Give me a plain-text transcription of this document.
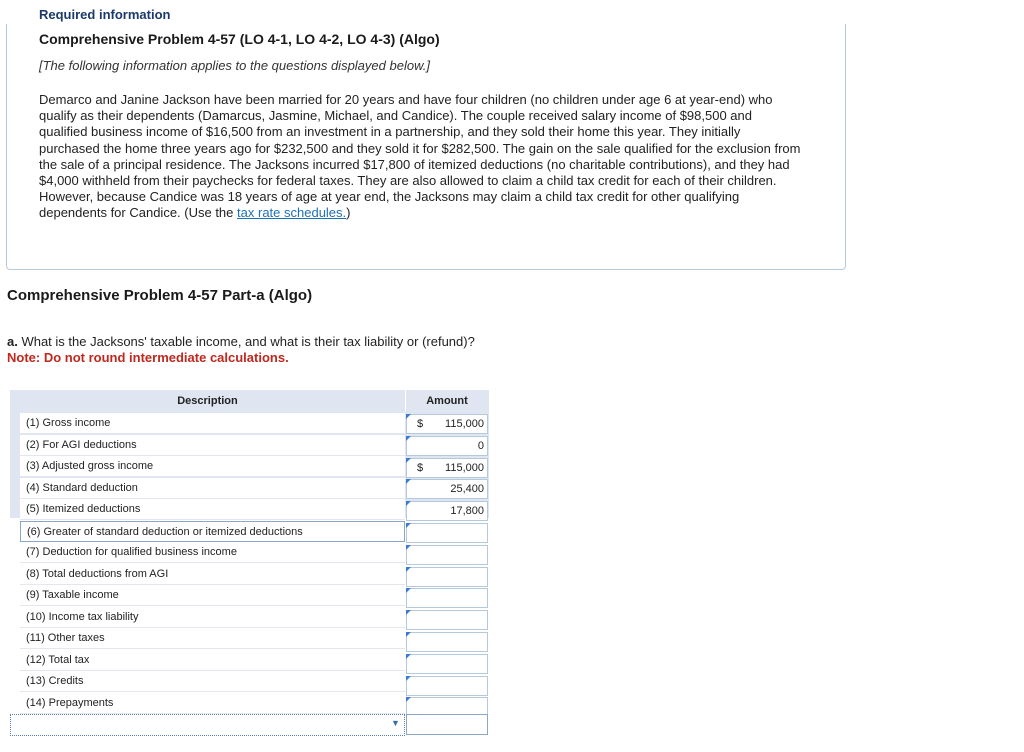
Required information
Comprehensive Problem 4-57 (LO 4-1, LO 4-2, LO 4-3) (Algo)
[The following information applies to the questions displayed below.]
Demarco and Janine Jackson have been married for 20 years and have four children (no children under age 6 at year-end) who qualify as their dependents (Damarcus, Jasmine, Michael, and Candice). The couple received salary income of $98,500 and qualified business income of $16,500 from an investment in a partnership, and they sold their home this year. They initially purchased the home three years ago for $232,500 and they sold it for $282,500. The gain on the sale qualified for the exclusion from the sale of a principal residence. The Jacksons incurred $17,800 of itemized deductions (no charitable contributions), and they had $4,000 withheld from their paychecks for federal taxes. They are also allowed to claim a child tax credit for each of their children. However, because Candice was 18 years of age at year end, the Jacksons may claim a child tax credit for other qualifying dependents for Candice. (Use the tax rate schedules.)
Comprehensive Problem 4-57 Part-a (Algo)
a. What is the Jacksons' taxable income, and what is their tax liability or (refund)?
Note: Do not round intermediate calculations.
Description	Amount
(1) Gross income	$ 115,000
(2) For AGI deductions	0
(3) Adjusted gross income	$ 115,000
(4) Standard deduction	25,400
(5) Itemized deductions	17,800
(6) Greater of standard deduction or itemized deductions
(7) Deduction for qualified business income
(8) Total deductions from AGI
(9) Taxable income
(10) Income tax liability
(11) Other taxes
(12) Total tax
(13) Credits
(14) Prepayments
▼
